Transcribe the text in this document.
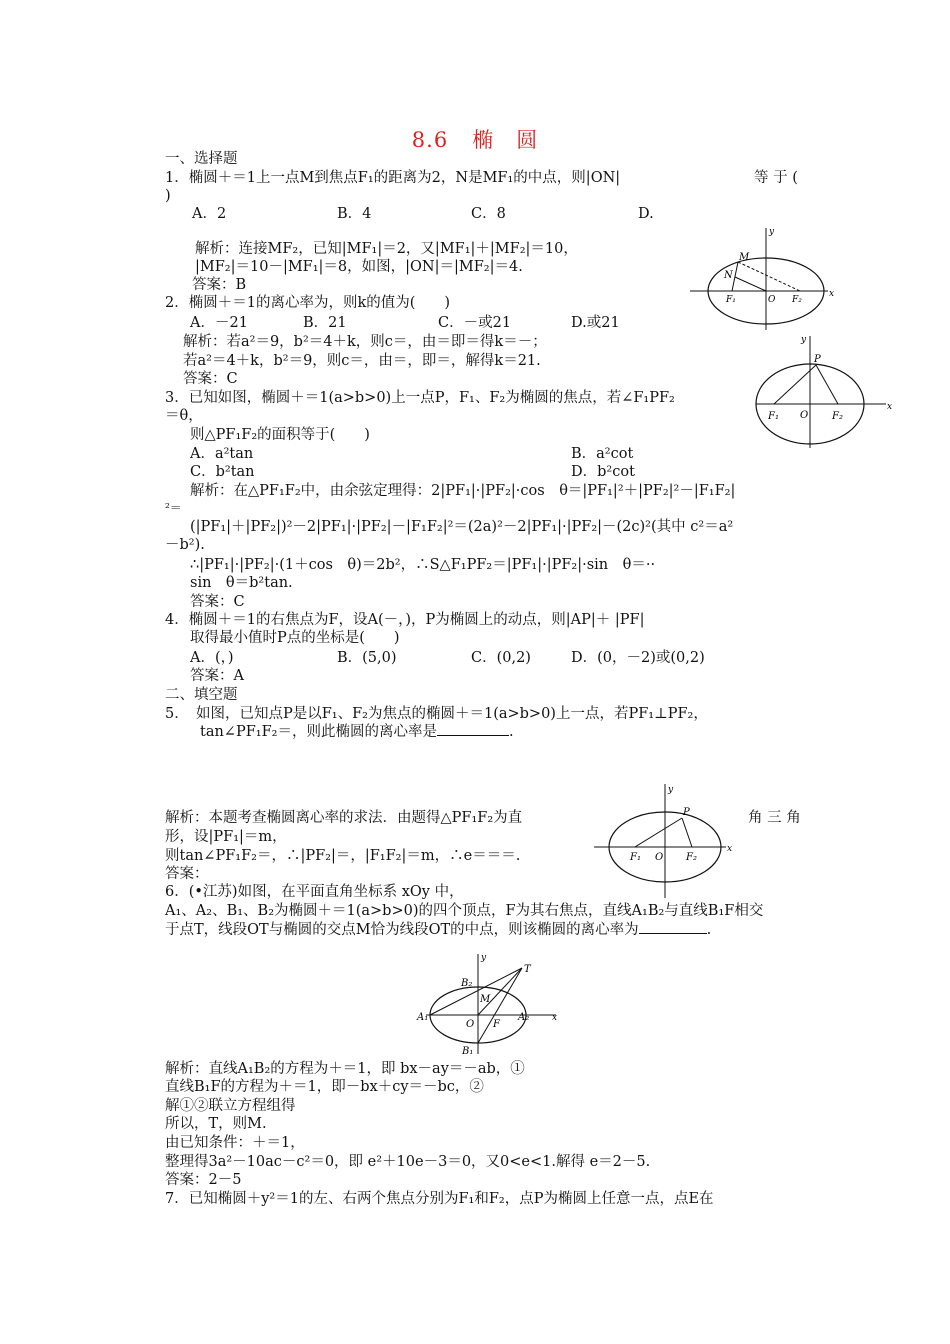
8.6 椭　圆
一、选择题
1．椭圆＋＝1上一点M到焦点F₁的距离为2，N是MF₁的中点，则|ON|	等 于 (
)
A．2	B．4	C．8	D.
解析：连接MF₂，已知|MF₁|＝2，又|MF₁|＋|MF₂|＝10，
|MF₂|＝10－|MF₁|＝8，如图，|ON|＝|MF₂|＝4.
答案：B
M
N
F₁	O F₂
x
y
2．椭圆＋＝1的离心率为，则k的值为(　　)
A．－21	B．21	C．－或21	D.或21
解析：若a²＝9，b²＝4＋k，则c＝，由＝即＝得k＝－；
若a²＝4＋k，b²＝9，则c＝，由＝，即＝，解得k＝21.
答案：C
P
F₁ O F₂
x
y
3．已知如图，椭圆＋＝1(a>b>0)上一点P，F₁、F₂为椭圆的焦点，若∠F₁PF₂
＝θ，
则△PF₁F₂的面积等于(　　)
A．a²tan	B．a²cot
C．b²tan	D．b²cot
解析：在△PF₁F₂中，由余弦定理得：2|PF₁|·|PF₂|·cos　θ＝|PF₁|²＋|PF₂|²－|F₁F₂|
²＝
(|PF₁|＋|PF₂|)²－2|PF₁|·|PF₂|－|F₁F₂|²＝(2a)²－2|PF₁|·|PF₂|－(2c)²(其中 c²＝a²
－b²).
∴|PF₁|·|PF₂|·(1＋cos　θ)＝2b²，∴S△F₁PF₂＝|PF₁|·|PF₂|·sin　θ＝··
sin　θ＝b²tan.
答案：C
4．椭圆＋＝1的右焦点为F，设A(－，)，P为椭圆上的动点，则|AP|＋ |PF|
取得最小值时P点的坐标是(　　)
A．(，)	B．(5,0)	C．(0,2)	D．(0，－2)或(0,2)
答案：A
二、填空题
5．　如图，已知点P是以F₁、F₂为焦点的椭圆＋＝1(a>b>0)上一点，若PF₁⊥PF₂，
tan∠PF₁F₂＝，则此椭圆的离心率是	.
P
F₁ O F₂
x
y
解析：本题考查椭圆离心率的求法．由题得△PF₁F₂为直	角 三 角
形，设|PF₁|＝m，
则tan∠PF₁F₂＝，∴|PF₂|＝，|F₁F₂|＝m，∴e＝＝＝.
答案：
6．(•江苏)如图，在平面直角坐标系 xOy 中，
A₁、A₂、B₁、B₂为椭圆＋＝1(a>b>0)的四个顶点，F为其右焦点，直线A₁B₂与直线B₁F相交
于点T，线段OT与椭圆的交点M恰为线段OT的中点，则该椭圆的离心率为	.
T
B₂
M
A₁
O F
A₂
B₁
x
y
解析：直线A₁B₂的方程为＋＝1，即 bx－ay＝－ab，①
直线B₁F的方程为＋＝1，即－bx＋cy＝－bc，②
解①②联立方程组得
所以，T，则M.
由已知条件：＋＝1，
整理得3a²－10ac－c²＝0，即 e²＋10e－3＝0，又0<e<1.解得 e＝2－5.
答案：2－5
7．已知椭圆＋y²＝1的左、右两个焦点分别为F₁和F₂，点P为椭圆上任意一点，点E在
